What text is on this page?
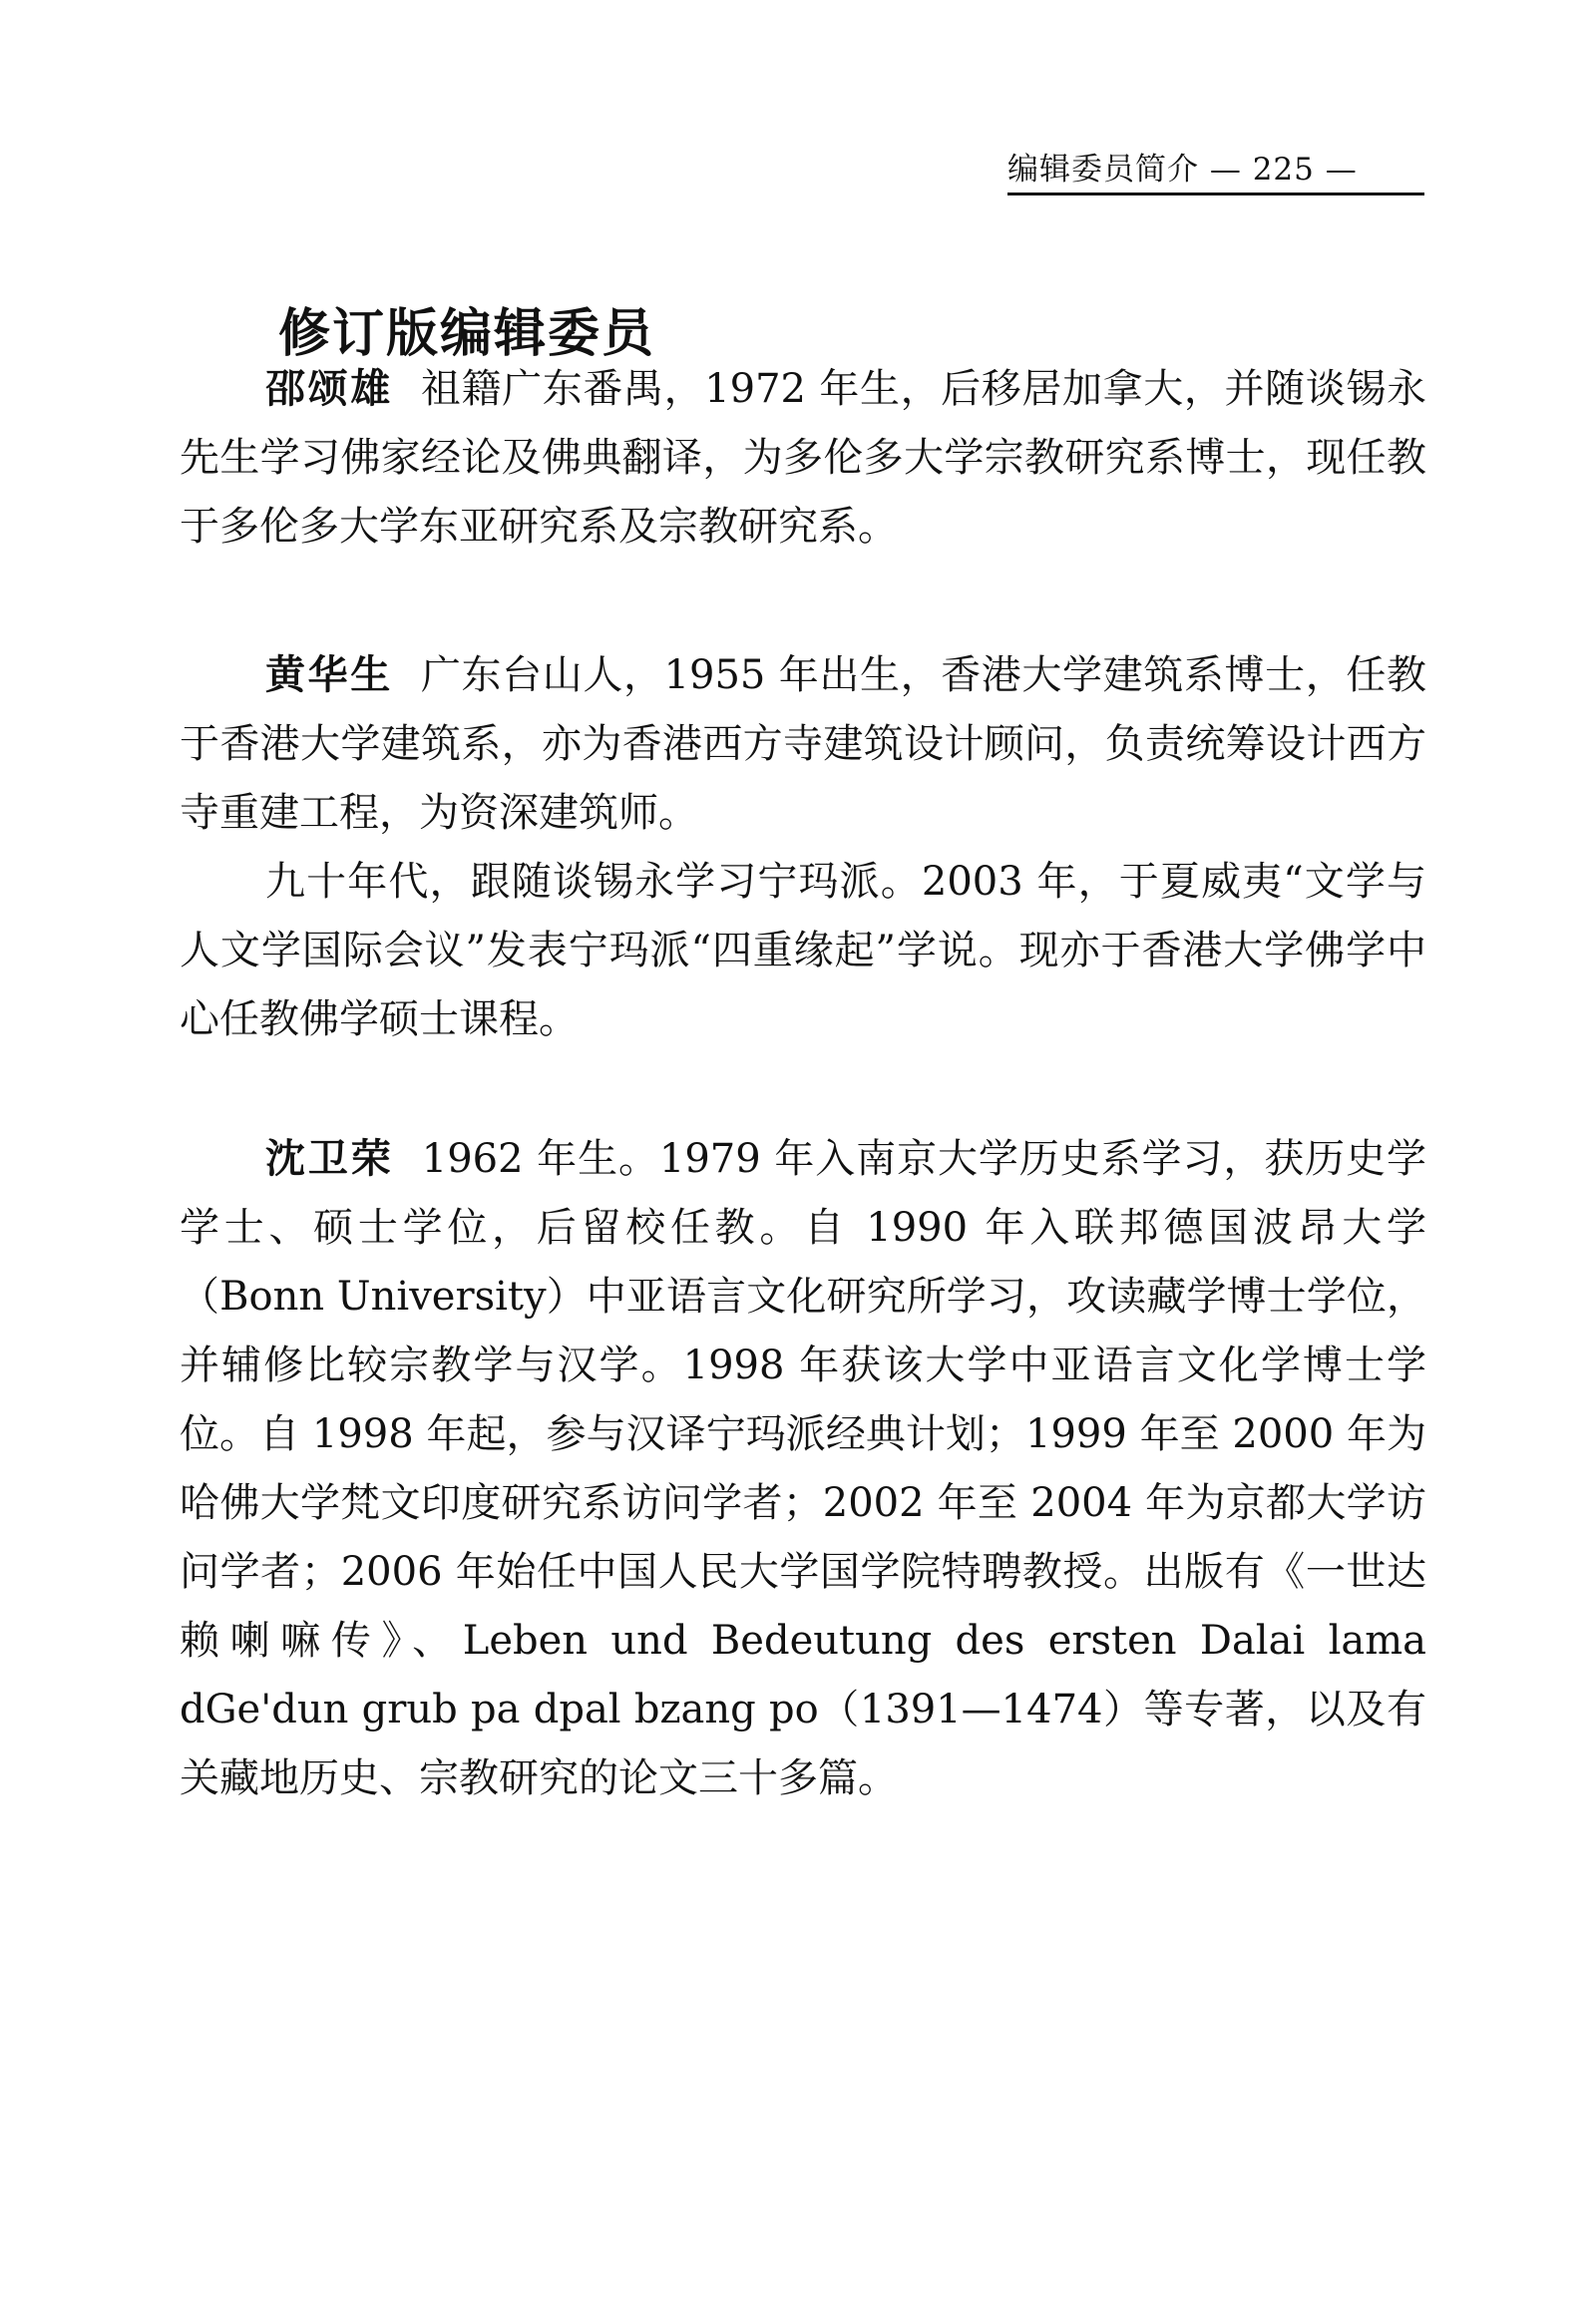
编辑委员简介 — 225 —
修订版编辑委员

邵颂雄 祖籍广东番禺，1972 年生，后移居加拿大，并随谈锡永先生学习佛家经论及佛典翻译，为多伦多大学宗教研究系博士，现任教于多伦多大学东亚研究系及宗教研究系。

黄华生 广东台山人，1955 年出生，香港大学建筑系博士，任教于香港大学建筑系，亦为香港西方寺建筑设计顾问，负责统筹设计西方寺重建工程，为资深建筑师。

九十年代，跟随谈锡永学习宁玛派。2003 年，于夏威夷“文学与人文学国际会议”发表宁玛派“四重缘起”学说。现亦于香港大学佛学中心任教佛学硕士课程。

沈卫荣 1962 年生。1979 年入南京大学历史系学习，获历史学学士、硕士学位，后留校任教。自 1990 年入联邦德国波昂大学（Bonn University）中亚语言文化研究所学习，攻读藏学博士学位，并辅修比较宗教学与汉学。1998 年获该大学中亚语言文化学博士学位。自 1998 年起，参与汉译宁玛派经典计划；1999 年至 2000 年为哈佛大学梵文印度研究系访问学者；2002 年至 2004 年为京都大学访问学者；2006 年始任中国人民大学国学院特聘教授。出版有《一世达赖喇嘛传》、Leben und Bedeutung des ersten Dalai lama dGe'dun grub pa dpal bzang po（1391—1474）等专著，以及有关藏地历史、宗教研究的论文三十多篇。
